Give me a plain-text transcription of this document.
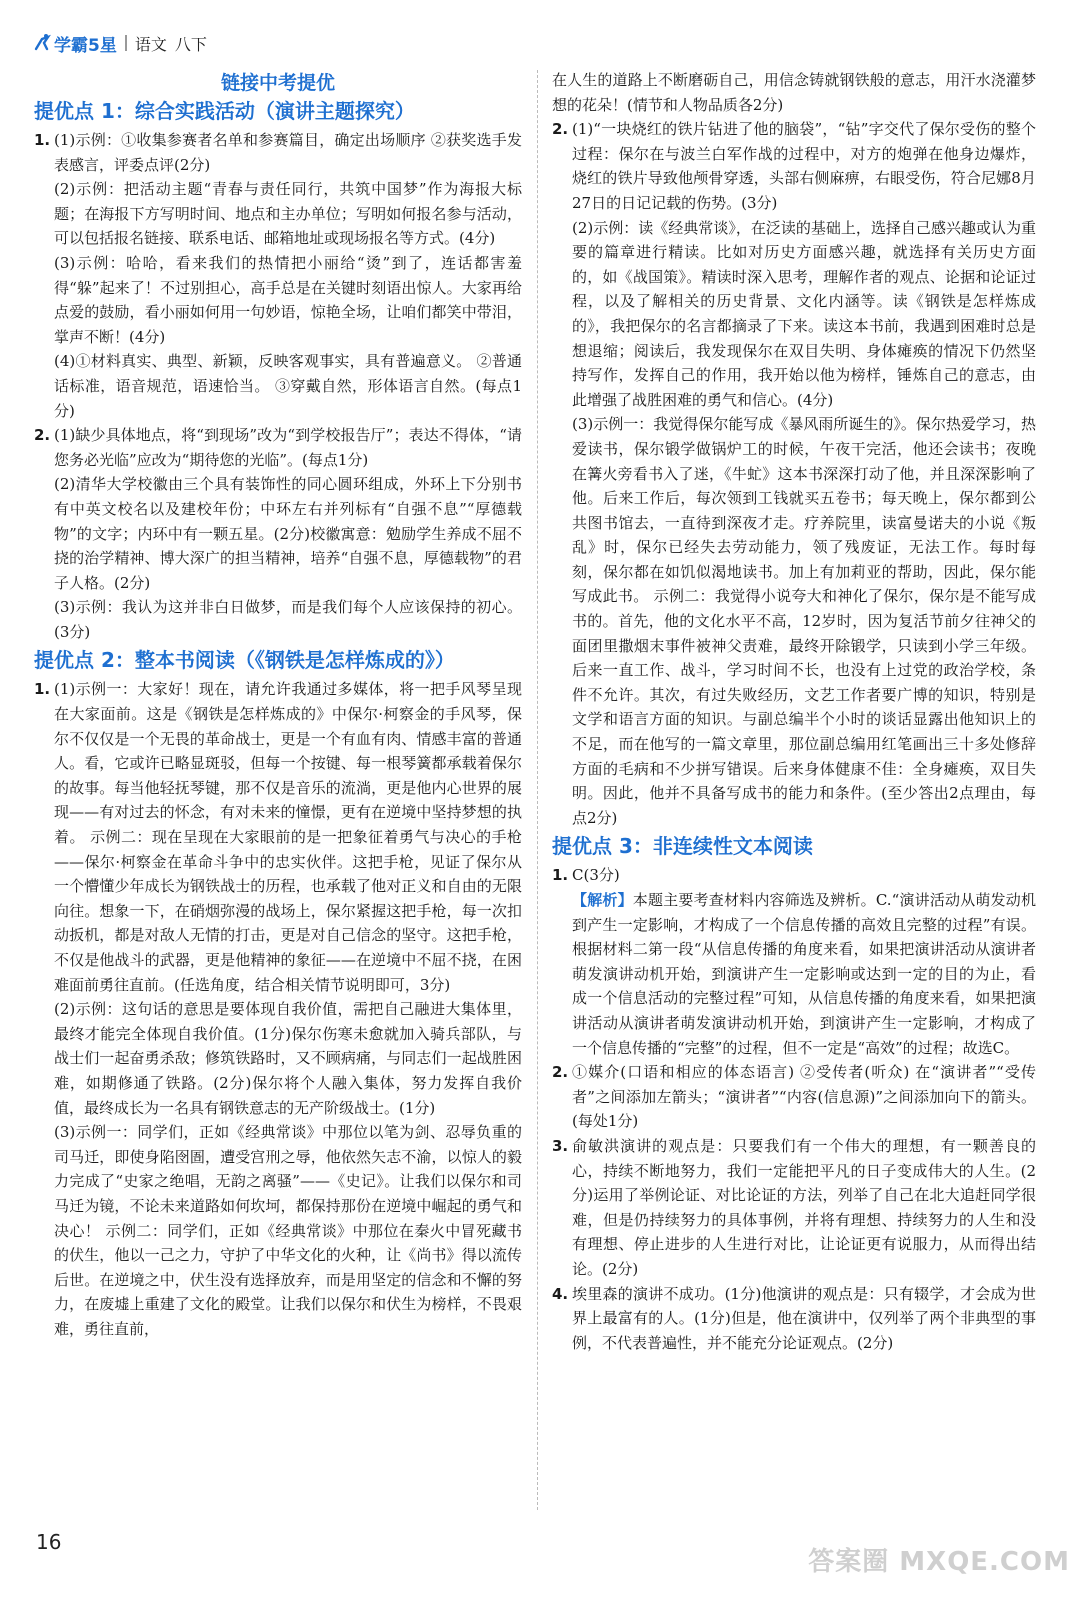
学霸5星 语文 八下
链接中考提优
提优点 1：综合实践活动（演讲主题探究）
1. (1)示例：①收集参赛者名单和参赛篇目，确定出场顺序 ②获奖选手发表感言，评委点评(2分)

(2)示例：把活动主题“青春与责任同行，共筑中国梦”作为海报大标题；在海报下方写明时间、地点和主办单位；写明如何报名参与活动，可以包括报名链接、联系电话、邮箱地址或现场报名等方式。(4分)

(3)示例：哈哈，看来我们的热情把小丽给“烫”到了，连话都害羞得“躲”起来了！不过别担心，高手总是在关键时刻语出惊人。大家再给点爱的鼓励，看小丽如何用一句妙语，惊艳全场，让咱们都笑中带泪，掌声不断！(4分)

(4)①材料真实、典型、新颖，反映客观事实，具有普遍意义。 ②普通话标准，语音规范，语速恰当。 ③穿戴自然，形体语言自然。(每点1分)

2. (1)缺少具体地点，将“到现场”改为“到学校报告厅”；表达不得体，“请您务必光临”应改为“期待您的光临”。(每点1分)

(2)清华大学校徽由三个具有装饰性的同心圆环组成，外环上下分别书有中英文校名以及建校年份；中环左右并列标有“自强不息”“厚德载物”的文字；内环中有一颗五星。(2分)校徽寓意：勉励学生养成不屈不挠的治学精神、博大深广的担当精神，培养“自强不息，厚德载物”的君子人格。(2分)

(3)示例：我认为这并非白日做梦，而是我们每个人应该保持的初心。(3分)

提优点 2：整本书阅读（《钢铁是怎样炼成的》）
1. (1)示例一：大家好！现在，请允许我通过多媒体，将一把手风琴呈现在大家面前。这是《钢铁是怎样炼成的》中保尔·柯察金的手风琴，保尔不仅仅是一个无畏的革命战士，更是一个有血有肉、情感丰富的普通人。看，它或许已略显斑驳，但每一个按键、每一根琴簧都承载着保尔的故事。每当他轻抚琴键，那不仅是音乐的流淌，更是他内心世界的展现——有对过去的怀念，有对未来的憧憬，更有在逆境中坚持梦想的执着。 示例二：现在呈现在大家眼前的是一把象征着勇气与决心的手枪——保尔·柯察金在革命斗争中的忠实伙伴。这把手枪，见证了保尔从一个懵懂少年成长为钢铁战士的历程，也承载了他对正义和自由的无限向往。想象一下，在硝烟弥漫的战场上，保尔紧握这把手枪，每一次扣动扳机，都是对敌人无情的打击，更是对自己信念的坚守。这把手枪，不仅是他战斗的武器，更是他精神的象征——在逆境中不屈不挠，在困难面前勇往直前。(任选角度，结合相关情节说明即可，3分)

(2)示例：这句话的意思是要体现自我价值，需把自己融进大集体里，最终才能完全体现自我价值。(1分)保尔伤寒未愈就加入骑兵部队，与战士们一起奋勇杀敌；修筑铁路时，又不顾病痛，与同志们一起战胜困难，如期修通了铁路。(2分)保尔将个人融入集体，努力发挥自我价值，最终成长为一名具有钢铁意志的无产阶级战士。(1分)

(3)示例一：同学们，正如《经典常谈》中那位以笔为剑、忍辱负重的司马迁，即使身陷囹圄，遭受宫刑之辱，他依然矢志不渝，以惊人的毅力完成了“史家之绝唱，无韵之离骚”——《史记》。让我们以保尔和司马迁为镜，不论未来道路如何坎坷，都保持那份在逆境中崛起的勇气和决心！ 示例二：同学们，正如《经典常谈》中那位在秦火中冒死藏书的伏生，他以一己之力，守护了中华文化的火种，让《尚书》得以流传后世。在逆境之中，伏生没有选择放弃，而是用坚定的信念和不懈的努力，在废墟上重建了文化的殿堂。让我们以保尔和伏生为榜样，不畏艰难，勇往直前，

在人生的道路上不断磨砺自己，用信念铸就钢铁般的意志，用汗水浇灌梦想的花朵！(情节和人物品质各2分)

2. (1)“一块烧红的铁片钻进了他的脑袋”，“钻”字交代了保尔受伤的整个过程：保尔在与波兰白军作战的过程中，对方的炮弹在他身边爆炸，烧红的铁片导致他颅骨穿透，头部右侧麻痹，右眼受伤，符合尼娜8月27日的日记记载的伤势。(3分)

(2)示例：读《经典常谈》，在泛读的基础上，选择自己感兴趣或认为重要的篇章进行精读。比如对历史方面感兴趣，就选择有关历史方面的，如《战国策》。精读时深入思考，理解作者的观点、论据和论证过程，以及了解相关的历史背景、文化内涵等。读《钢铁是怎样炼成的》，我把保尔的名言都摘录了下来。读这本书前，我遇到困难时总是想退缩；阅读后，我发现保尔在双目失明、身体瘫痪的情况下仍然坚持写作，发挥自己的作用，我开始以他为榜样，锤炼自己的意志，由此增强了战胜困难的勇气和信心。(4分)

(3)示例一：我觉得保尔能写成《暴风雨所诞生的》。保尔热爱学习，热爱读书，保尔锻学做锅炉工的时候，午夜干完活，他还会读书；夜晚在篝火旁看书入了迷，《牛虻》这本书深深打动了他，并且深深影响了他。后来工作后，每次领到工钱就买五卷书；每天晚上，保尔都到公共图书馆去，一直待到深夜才走。疗养院里，读富曼诺夫的小说《叛乱》时，保尔已经失去劳动能力，领了残废证，无法工作。每时每刻，保尔都在如饥似渴地读书。加上有加莉亚的帮助，因此，保尔能写成此书。 示例二：我觉得小说夸大和神化了保尔，保尔是不能写成书的。首先，他的文化水平不高，12岁时，因为复活节前夕往神父的面团里撒烟末事件被神父责难，最终开除锻学，只读到小学三年级。后来一直工作、战斗，学习时间不长，也没有上过党的政治学校，条件不允许。其次，有过失败经历，文艺工作者要广博的知识，特别是文学和语言方面的知识。与副总编半个小时的谈话显露出他知识上的不足，而在他写的一篇文章里，那位副总编用红笔画出三十多处修辞方面的毛病和不少拼写错误。后来身体健康不佳：全身瘫痪，双目失明。因此，他并不具备写成书的能力和条件。(至少答出2点理由，每点2分)

提优点 3：非连续性文本阅读
1. C(3分)

【解析】本题主要考查材料内容筛选及辨析。C.“演讲活动从萌发动机到产生一定影响，才构成了一个信息传播的高效且完整的过程”有误。根据材料二第一段“从信息传播的角度来看，如果把演讲活动从演讲者萌发演讲动机开始，到演讲产生一定影响或达到一定的目的为止，看成一个信息活动的完整过程”可知，从信息传播的角度来看，如果把演讲活动从演讲者萌发演讲动机开始，到演讲产生一定影响，才构成了一个信息传播的“完整”的过程，但不一定是“高效”的过程；故选C。

2. ①媒介(口语和相应的体态语言) ②受传者(听众) 在“演讲者”“受传者”之间添加左箭头；“演讲者”“内容(信息源)”之间添加向下的箭头。(每处1分)

3. 俞敏洪演讲的观点是：只要我们有一个伟大的理想，有一颗善良的心，持续不断地努力，我们一定能把平凡的日子变成伟大的人生。(2分)运用了举例论证、对比论证的方法，列举了自己在北大追赶同学很难，但是仍持续努力的具体事例，并将有理想、持续努力的人生和没有理想、停止进步的人生进行对比，让论证更有说服力，从而得出结论。(2分)

4. 埃里森的演讲不成功。(1分)他演讲的观点是：只有辍学，才会成为世界上最富有的人。(1分)但是，他在演讲中，仅列举了两个非典型的事例，不代表普遍性，并不能充分论证观点。(2分)

16
答案圈 MXQE.COM
